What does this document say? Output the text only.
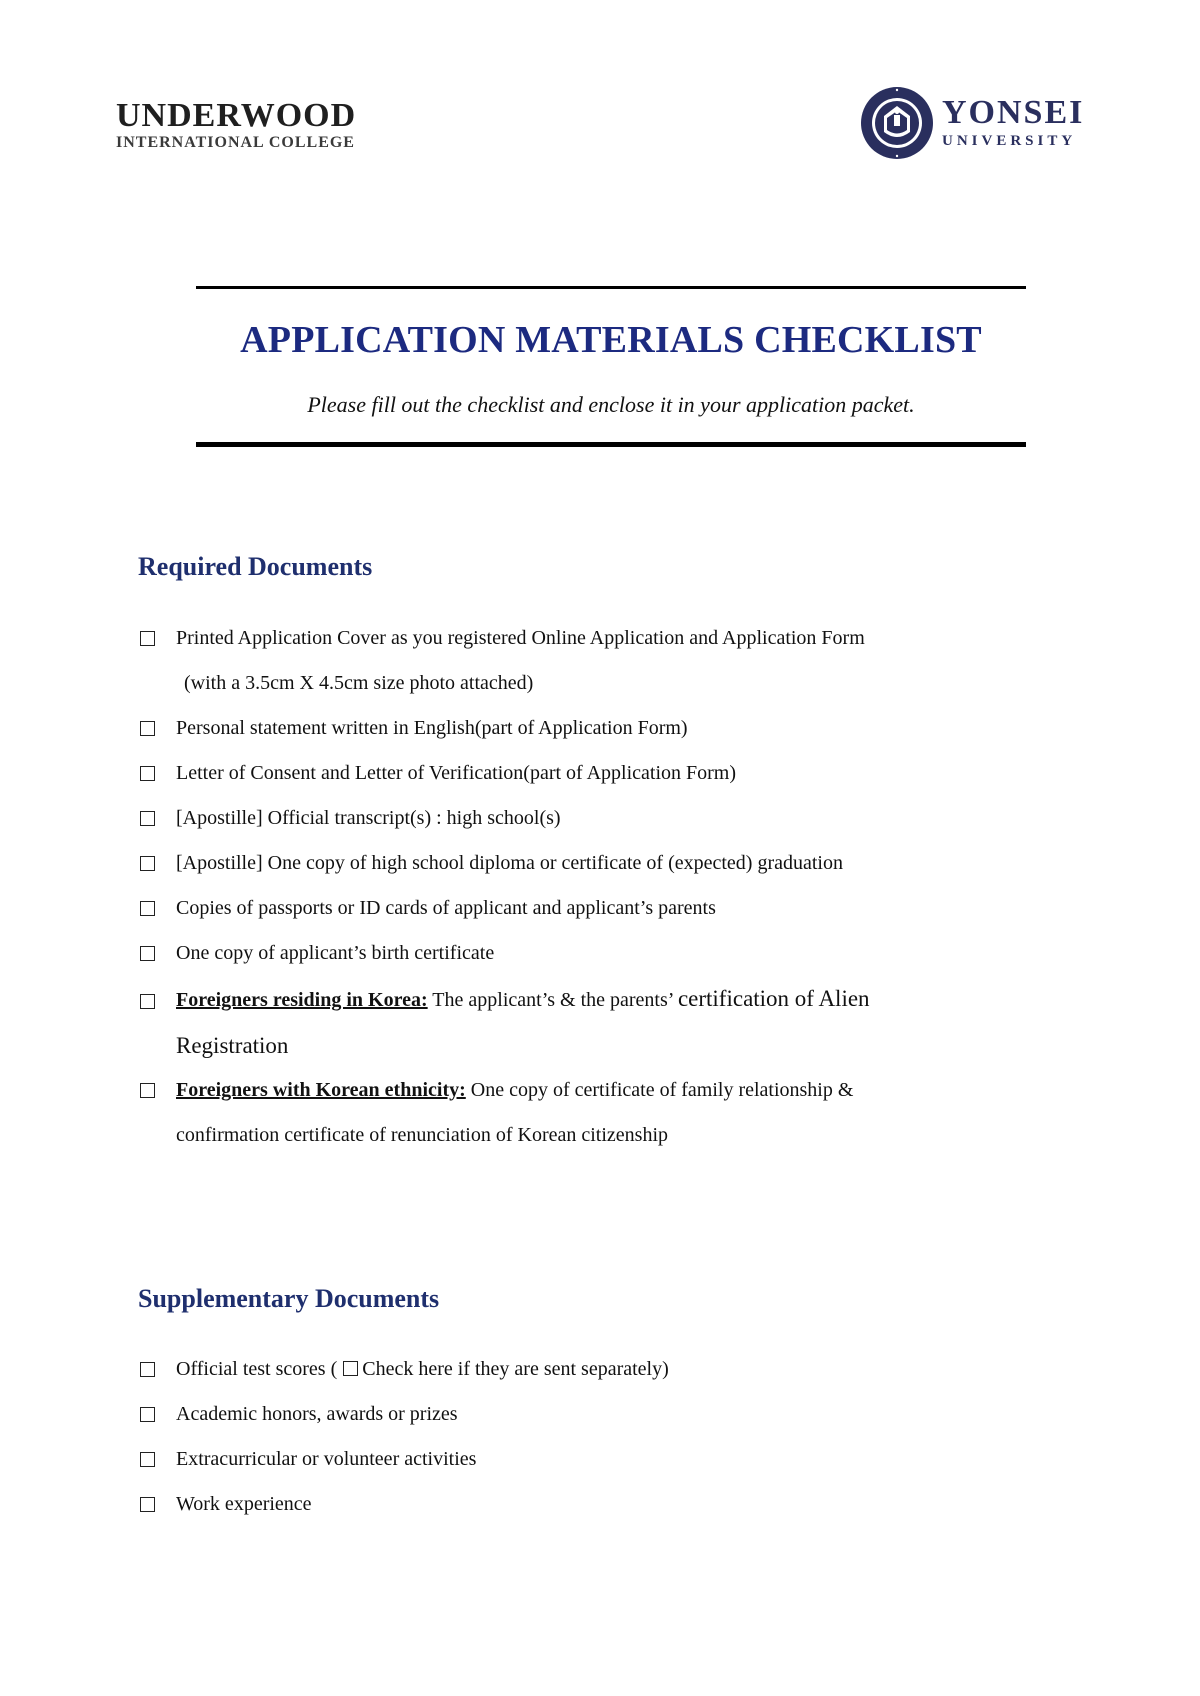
UNDERWOOD
INTERNATIONAL COLLEGE
YONSEI
UNIVERSITY
APPLICATION MATERIALS CHECKLIST
Please fill out the checklist and enclose it in your application packet.
Required Documents
Printed Application Cover as you registered Online Application and Application Form
(with a 3.5cm X 4.5cm size photo attached)
Personal statement written in English(part of Application Form)
Letter of Consent and Letter of Verification(part of Application Form)
[Apostille] Official transcript(s) : high school(s)
[Apostille] One copy of high school diploma or certificate of (expected) graduation
Copies of passports or ID cards of applicant and applicant’s parents
One copy of applicant’s birth certificate
Foreigners residing in Korea: The applicant’s & the parents’ certification of Alien
Registration
Foreigners with Korean ethnicity: One copy of certificate of family relationship &
confirmation certificate of renunciation of Korean citizenship
Supplementary Documents
Official test scores ( Check here if they are sent separately)
Academic honors, awards or prizes
Extracurricular or volunteer activities
Work experience
